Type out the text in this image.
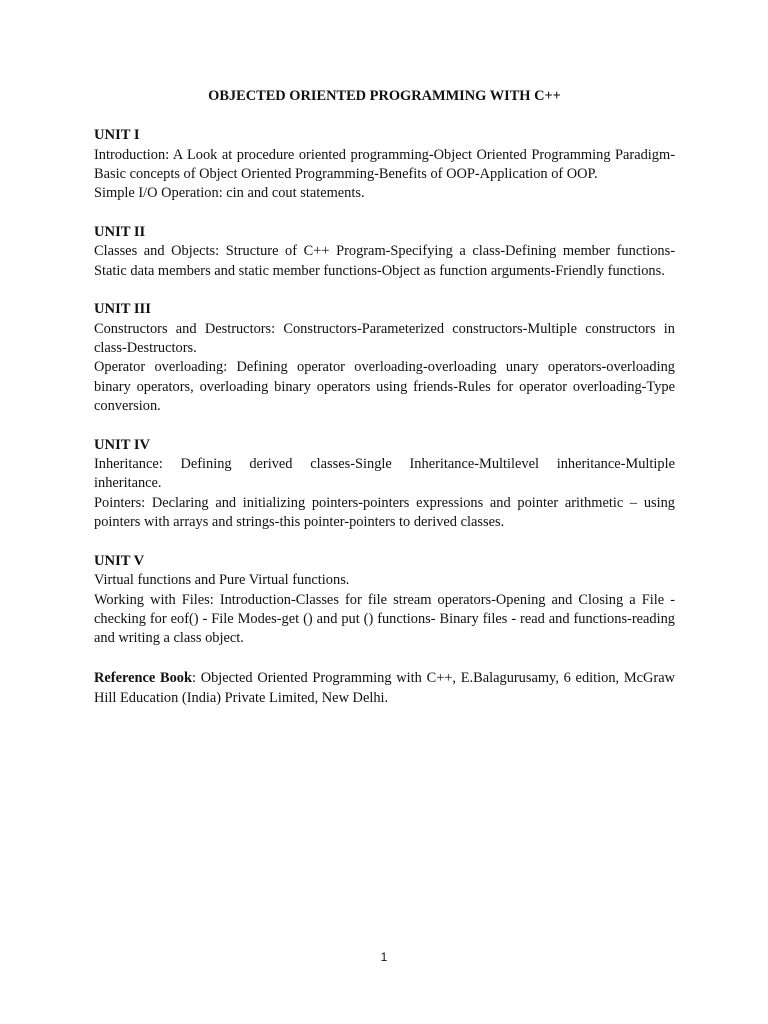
OBJECTED ORIENTED PROGRAMMING WITH C++
UNIT I
Introduction: A Look at procedure oriented programming-Object Oriented Programming Paradigm-Basic concepts of Object Oriented Programming-Benefits of OOP-Application of OOP.
Simple I/O Operation: cin and cout statements.
UNIT II
Classes and Objects: Structure of C++ Program-Specifying a class-Defining member functions-Static data members and static member functions-Object as function arguments-Friendly functions.
UNIT III
Constructors and Destructors: Constructors-Parameterized constructors-Multiple constructors in class-Destructors.
Operator overloading: Defining operator overloading-overloading unary operators-overloading binary operators, overloading binary operators using friends-Rules for operator overloading-Type conversion.
UNIT IV
Inheritance: Defining derived classes-Single Inheritance-Multilevel inheritance-Multiple inheritance.
Pointers: Declaring and initializing pointers-pointers expressions and pointer arithmetic – using pointers with arrays and strings-this pointer-pointers to derived classes.
UNIT V
Virtual functions and Pure Virtual functions.
Working with Files: Introduction-Classes for file stream operators-Opening and Closing a File - checking for eof() - File Modes-get () and put () functions- Binary files - read and functions-reading and writing a class object.
Reference Book: Objected Oriented Programming with C++, E.Balagurusamy, 6 edition, McGraw Hill Education (India) Private Limited, New Delhi.
1
